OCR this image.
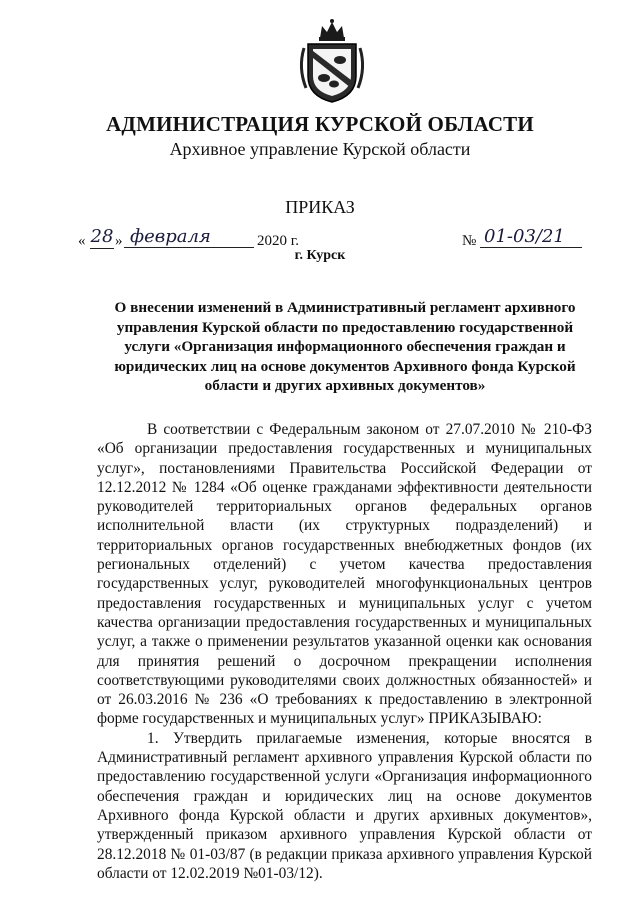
АДМИНИСТРАЦИЯ КУРСКОЙ ОБЛАСТИ
Архивное управление Курской области
ПРИКАЗ
« 28 » февраля	2020 г.	№ 01-03/21
г. Курск
О внесении изменений в Административный регламент архивного управления Курской области по предоставлению государственной услуги «Организация информационного обеспечения граждан и юридических лиц на основе документов Архивного фонда Курской области и других архивных документов»

В соответствии с Федеральным законом от 27.07.2010 № 210-ФЗ «Об организации предоставления государственных и муниципальных услуг», постановлениями Правительства Российской Федерации от 12.12.2012 № 1284 «Об оценке гражданами эффективности деятельности руководителей территориальных органов федеральных органов исполнительной власти (их структурных подразделений) и территориальных органов государственных внебюджетных фондов (их региональных отделений) с учетом качества предоставления государственных услуг, руководителей многофункциональных центров предоставления государственных и муниципальных услуг с учетом качества организации предоставления государственных и муниципальных услуг, а также о применении результатов указанной оценки как основания для принятия решений о досрочном прекращении исполнения соответствующими руководителями своих должностных обязанностей» и от 26.03.2016 № 236 «О требованиях к предоставлению в электронной форме государственных и муниципальных услуг» ПРИКАЗЫВАЮ:

1. Утвердить прилагаемые изменения, которые вносятся в Административный регламент архивного управления Курской области по предоставлению государственной услуги «Организация информационного обеспечения граждан и юридических лиц на основе документов Архивного фонда Курской области и других архивных документов», утвержденный приказом архивного управления Курской области от 28.12.2018 № 01-03/87 (в редакции приказа архивного управления Курской области от 12.02.2019 №01-03/12).
